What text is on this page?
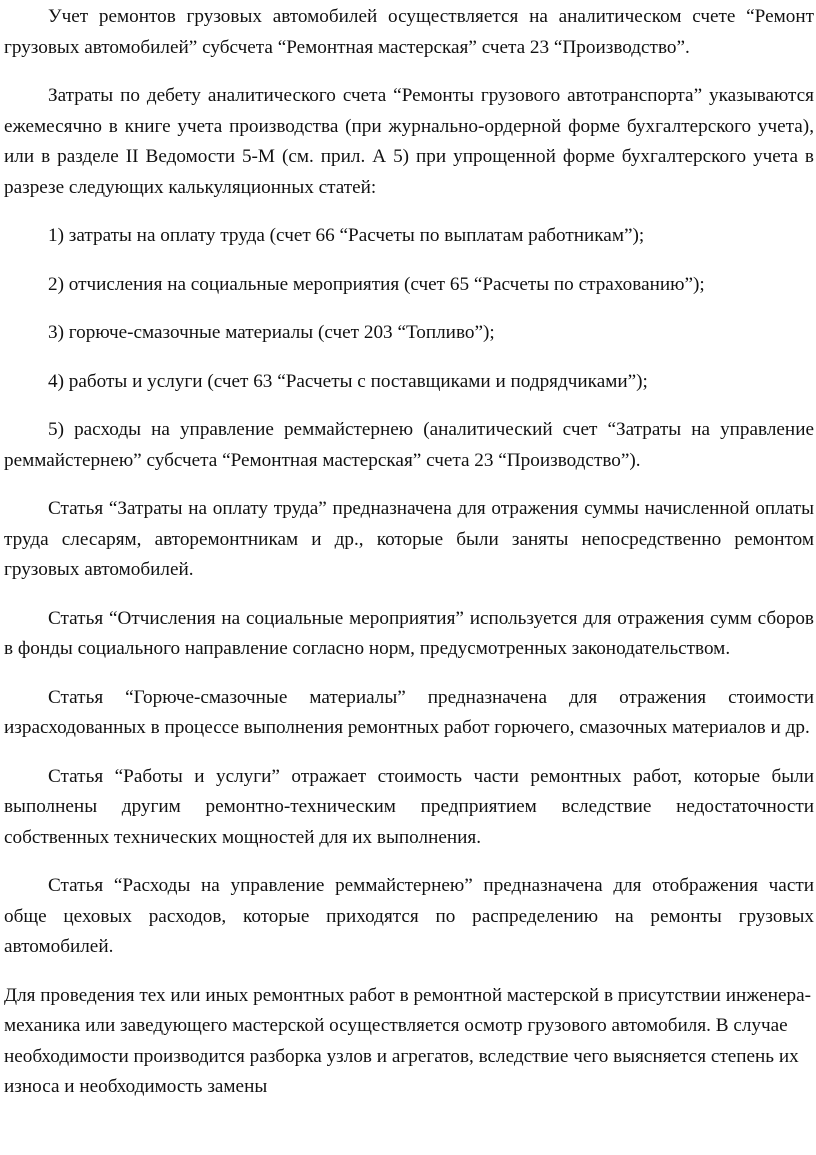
Учет ремонтов грузовых автомобилей осуществляется на аналитическом счете “Ремонт грузовых автомобилей” субсчета “Ремонтная мастерская” счета 23 “Производство”.

Затраты по дебету аналитического счета “Ремонты грузового автотранспорта” указываются ежемесячно в книге учета производства (при журнально-ордерной форме бухгалтерского учета), или в разделе II Ведомости 5-М (см. прил. А 5) при упрощенной форме бухгалтерского учета в разрезе следующих калькуляционных статей:

1) затраты на оплату труда (счет 66 “Расчеты по выплатам работникам”);

2) отчисления на социальные мероприятия (счет 65 “Расчеты по страхованию”);

3) горюче-смазочные материалы (счет 203 “Топливо”);

4) работы и услуги (счет 63 “Расчеты с поставщиками и подрядчиками”);

5) расходы на управление реммайстернею (аналитический счет “Затраты на управление реммайстернею” субсчета “Ремонтная мастерская” счета 23 “Производство”).

Статья “Затраты на оплату труда” предназначена для отражения суммы начисленной оплаты труда слесарям, авторемонтникам и др., которые были заняты непосредственно ремонтом грузовых автомобилей.

Статья “Отчисления на социальные мероприятия” используется для отражения сумм сборов в фонды социального направление согласно норм, предусмотренных законодательством.

Статья “Горюче-смазочные материалы” предназначена для отражения стоимости израсходованных в процессе выполнения ремонтных работ горючего, смазочных материалов и др.

Статья “Работы и услуги” отражает стоимость части ремонтных работ, которые были выполнены другим ремонтно-техническим предприятием вследствие недостаточности собственных технических мощностей для их выполнения.

Статья “Расходы на управление реммайстернею” предназначена для отображения части обще цеховых расходов, которые приходятся по распределению на ремонты грузовых автомобилей.

Для проведения тех или иных ремонтных работ в ремонтной мастерской в присутствии инженера-механика или заведующего мастерской осуществляется осмотр грузового автомобиля. В случае необходимости производится разборка узлов и агрегатов, вследствие чего выясняется степень их износа и необходимость замены
